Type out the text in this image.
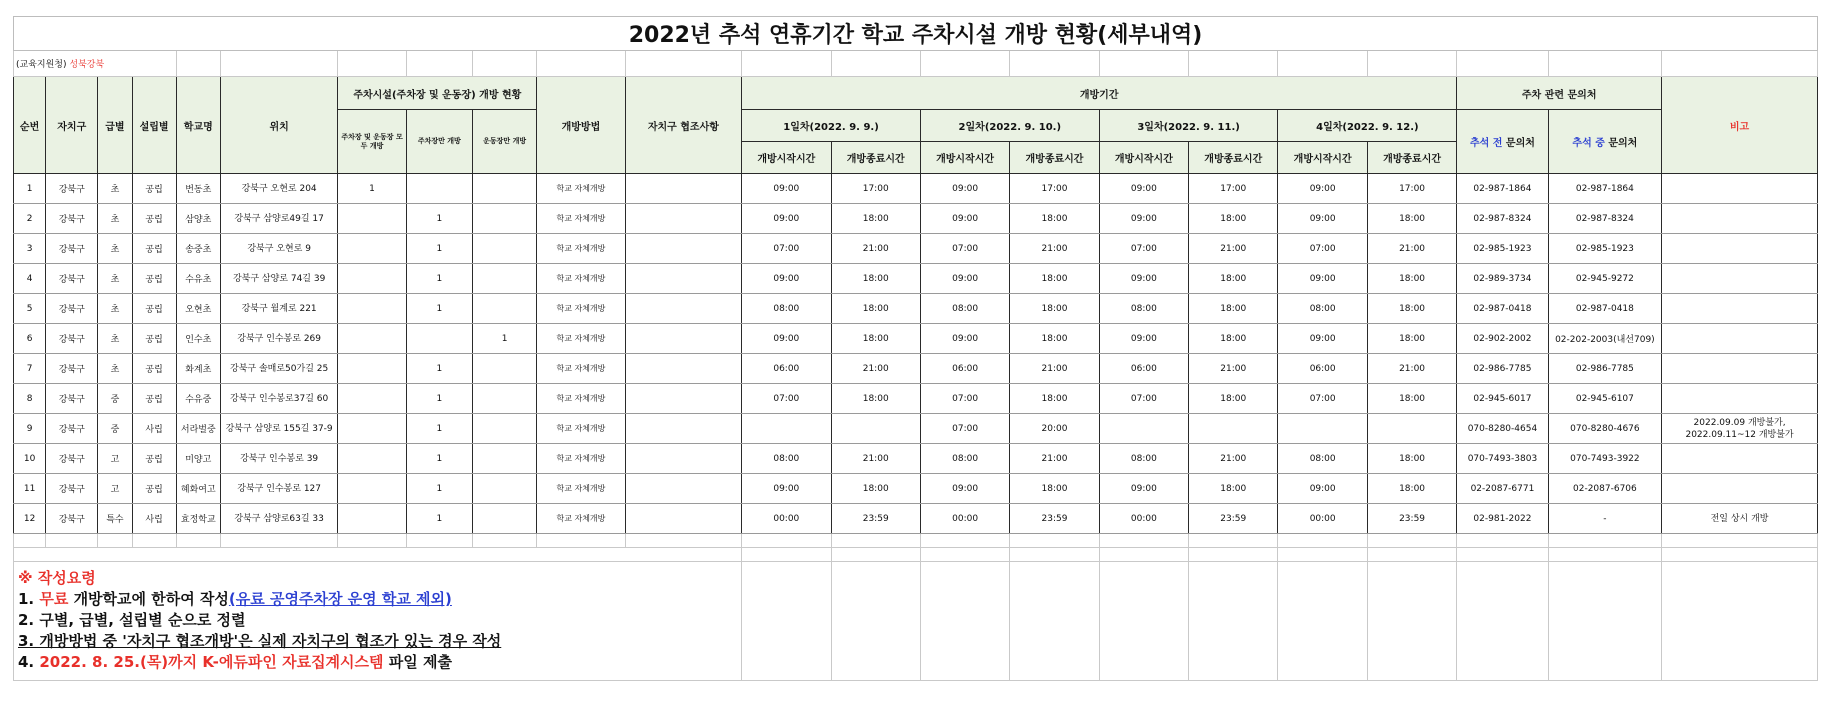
2022년 추석 연휴기간 학교 주차시설 개방 현황(세부내역)																					
(교육지원청) 성북강북																					
순번	자치구	급별	설립별	학교명	위치	주차시설(주차장 및 운동장) 개방 현황			개방방법	자치구 협조사항	개방기간								주차 관련 문의처		비고
						주차장 및 운동장 모두 개방	주차장만 개방	운동장만 개방			1일차(2022. 9. 9.)		2일차(2022. 9. 10.)		3일차(2022. 9. 11.)		4일차(2022. 9. 12.)		추석 전 문의처	추석 중 문의처	
											개방시작시간	개방종료시간	개방시작시간	개방종료시간	개방시작시간	개방종료시간	개방시작시간	개방종료시간			
1	강북구	초	공립	번동초	강북구 오현로 204	1			학교 자체개방		09:00	17:00	09:00	17:00	09:00	17:00	09:00	17:00	02-987-1864	02-987-1864	
2	강북구	초	공립	삼양초	강북구 삼양로49길 17		1		학교 자체개방		09:00	18:00	09:00	18:00	09:00	18:00	09:00	18:00	02-987-8324	02-987-8324	
3	강북구	초	공립	송중초	강북구 오현로 9		1		학교 자체개방		07:00	21:00	07:00	21:00	07:00	21:00	07:00	21:00	02-985-1923	02-985-1923	
4	강북구	초	공립	수유초	강북구 삼양로 74길 39		1		학교 자체개방		09:00	18:00	09:00	18:00	09:00	18:00	09:00	18:00	02-989-3734	02-945-9272	
5	강북구	초	공립	오현초	강북구 월계로 221		1		학교 자체개방		08:00	18:00	08:00	18:00	08:00	18:00	08:00	18:00	02-987-0418	02-987-0418	
6	강북구	초	공립	인수초	강북구 인수봉로 269			1	학교 자체개방		09:00	18:00	09:00	18:00	09:00	18:00	09:00	18:00	02-902-2002	02-202-2003(내선709)	
7	강북구	초	공립	화계초	강북구 솔매로50가길 25		1		학교 자체개방		06:00	21:00	06:00	21:00	06:00	21:00	06:00	21:00	02-986-7785	02-986-7785	
8	강북구	중	공립	수유중	강북구 인수봉로37길 60		1		학교 자체개방		07:00	18:00	07:00	18:00	07:00	18:00	07:00	18:00	02-945-6017	02-945-6107	
9	강북구	중	사립	서라벌중	강북구 삼양로 155길 37-9		1		학교 자체개방				07:00	20:00					070-8280-4654	070-8280-4676	2022.09.09 개방불가, 2022.09.11~12 개방불가
10	강북구	고	공립	미양고	강북구 인수봉로 39		1		학교 자체개방		08:00	21:00	08:00	21:00	08:00	21:00	08:00	18:00	070-7493-3803	070-7493-3922	
11	강북구	고	공립	혜화여고	강북구 인수봉로 127		1		학교 자체개방		09:00	18:00	09:00	18:00	09:00	18:00	09:00	18:00	02-2087-6771	02-2087-6706	
12	강북구	특수	사립	효정학교	강북구 삼양로63길 33		1		학교 자체개방		00:00	23:59	00:00	23:59	00:00	23:59	00:00	23:59	02-981-2022	-	전일 상시 개방

※ 작성요령
1. 무료 개방학교에 한하여 작성(유료 공영주차장 운영 학교 제외)
2. 구별, 급별, 설립별 순으로 정렬
3. 개방방법 중 '자치구 협조개방'은 실제 자치구의 협조가 있는 경우 작성
4. 2022. 8. 25.(목)까지 K-에듀파인 자료집계시스템 파일 제출																					
